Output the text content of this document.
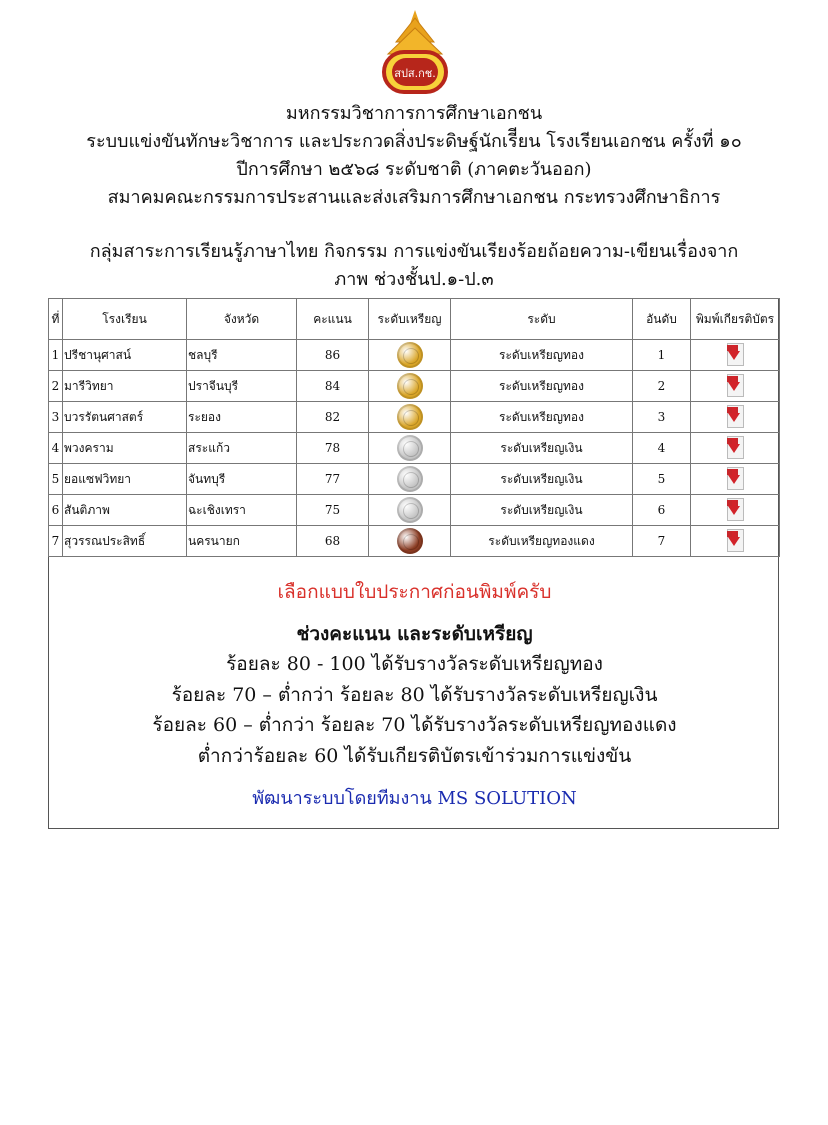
สปส.กช.
มหกรรมวิชาการการศึกษาเอกชน
ระบบแข่งขันทักษะวิชาการ และประกวดสิ่งประดิษฐ์นักเรีียน โรงเรียนเอกชน ครั้งที่ ๑๐
ปีการศึกษา ๒๕๖๘ ระดับชาติ (ภาคตะวันออก)
สมาคมคณะกรรมการประสานและส่งเสริมการศึกษาเอกชน กระทรวงศึกษาธิการ
กลุ่มสาระการเรียนรู้ภาษาไทย กิจกรรม การแข่งขันเรียงร้อยถ้อยความ-เขียนเรื่องจาก
ภาพ ช่วงชั้นป.๑-ป.๓
ที่	โรงเรียน	จังหวัด	คะแนน	ระดับเหรียญ	ระดับ	อันดับ	พิมพ์เกียรติบัตร
1	ปรีชานุศาสน์	ชลบุรี	86		ระดับเหรียญทอง	1	

2	มารีวิทยา	ปราจีนบุรี	84		ระดับเหรียญทอง	2	

3	บวรรัตนศาสตร์	ระยอง	82		ระดับเหรียญทอง	3	

4	พวงคราม	สระแก้ว	78		ระดับเหรียญเงิน	4	

5	ยอแซฟวิทยา	จันทบุรี	77		ระดับเหรียญเงิน	5	

6	สันติภาพ	ฉะเชิงเทรา	75		ระดับเหรียญเงิน	6	

7	สุวรรณประสิทธิ์	นครนายก	68		ระดับเหรียญทองแดง	7	
เลือกแบบใบประกาศก่อนพิมพ์ครับ
ช่วงคะแนน และระดับเหรียญ
ร้อยละ 80 - 100 ได้รับรางวัลระดับเหรียญทอง
ร้อยละ 70 – ต่ำกว่า ร้อยละ 80 ได้รับรางวัลระดับเหรียญเงิน
ร้อยละ 60 – ต่ำกว่า ร้อยละ 70 ได้รับรางวัลระดับเหรียญทองแดง
ต่ำกว่าร้อยละ 60 ได้รับเกียรติบัตรเข้าร่วมการแข่งขัน
พัฒนาระบบโดยทีมงาน MS SOLUTION
